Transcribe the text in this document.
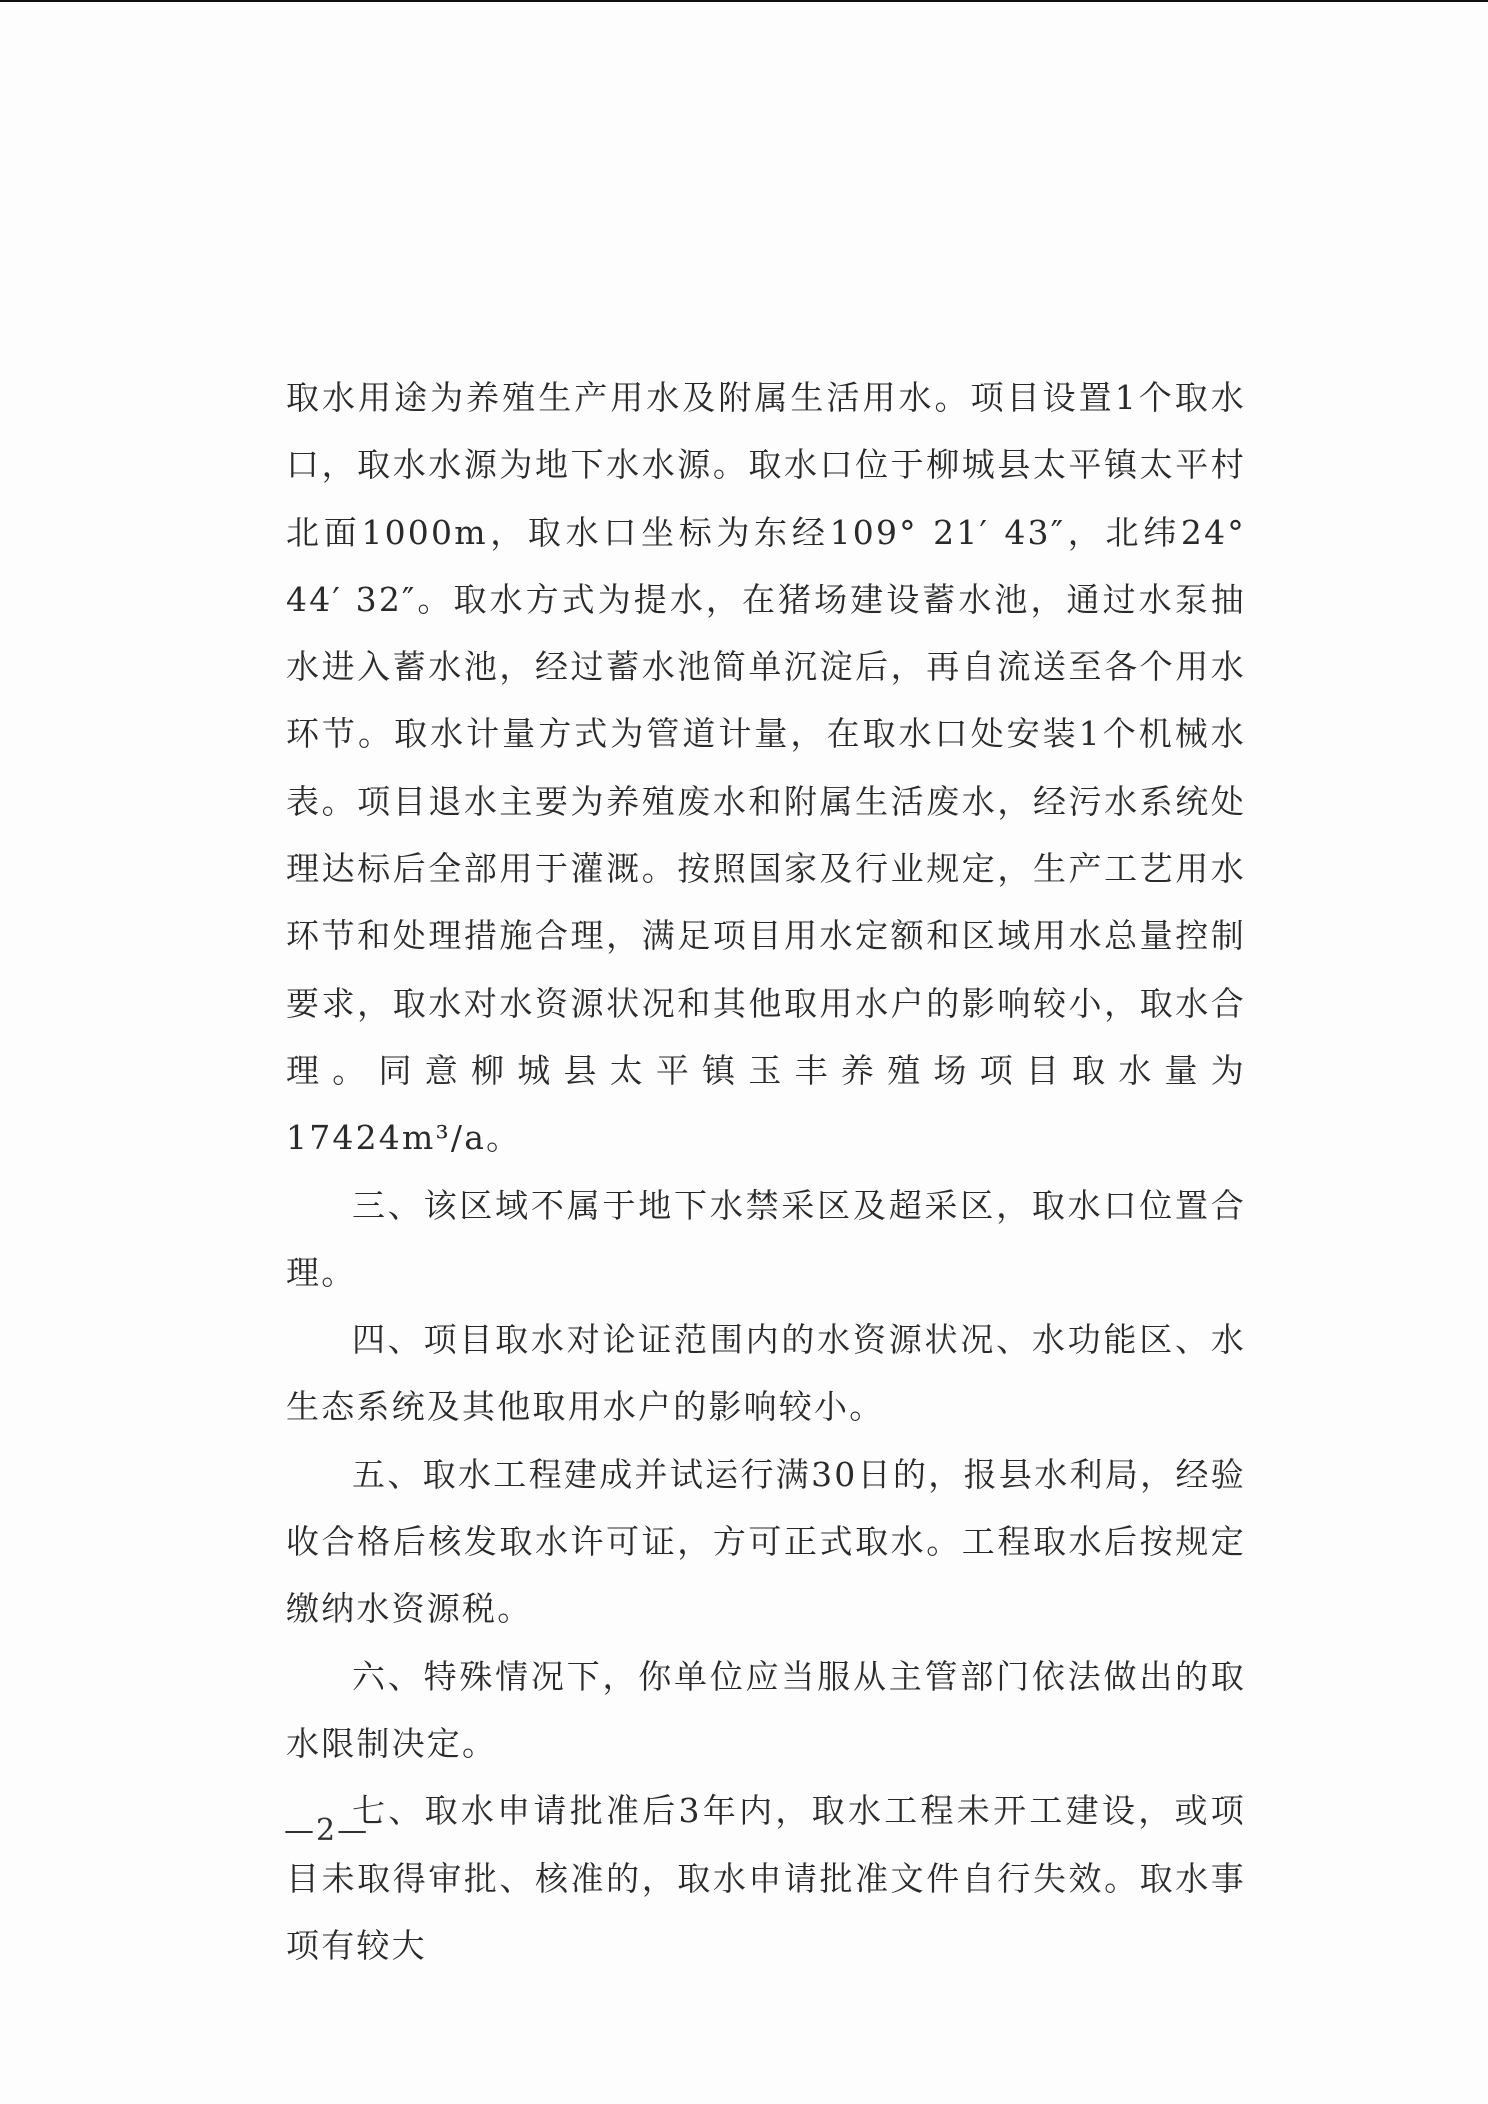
取水用途为养殖生产用水及附属生活用水。项目设置1个取水口，取水水源为地下水水源。取水口位于柳城县太平镇太平村北面1000m，取水口坐标为东经109° 21′ 43″，北纬24° 44′ 32″。取水方式为提水，在猪场建设蓄水池，通过水泵抽水进入蓄水池，经过蓄水池简单沉淀后，再自流送至各个用水环节。取水计量方式为管道计量，在取水口处安装1个机械水表。项目退水主要为养殖废水和附属生活废水，经污水系统处理达标后全部用于灌溉。按照国家及行业规定，生产工艺用水环节和处理措施合理，满足项目用水定额和区域用水总量控制要求，取水对水资源状况和其他取用水户的影响较小，取水合理。同意柳城县太平镇玉丰养殖场项目取水量为17424m³/a。

三、该区域不属于地下水禁采区及超采区，取水口位置合理。

四、项目取水对论证范围内的水资源状况、水功能区、水生态系统及其他取用水户的影响较小。

五、取水工程建成并试运行满30日的，报县水利局，经验收合格后核发取水许可证，方可正式取水。工程取水后按规定缴纳水资源税。

六、特殊情况下，你单位应当服从主管部门依法做出的取水限制决定。

七、取水申请批准后3年内，取水工程未开工建设，或项目未取得审批、核准的，取水申请批准文件自行失效。取水事项有较大

—2—
